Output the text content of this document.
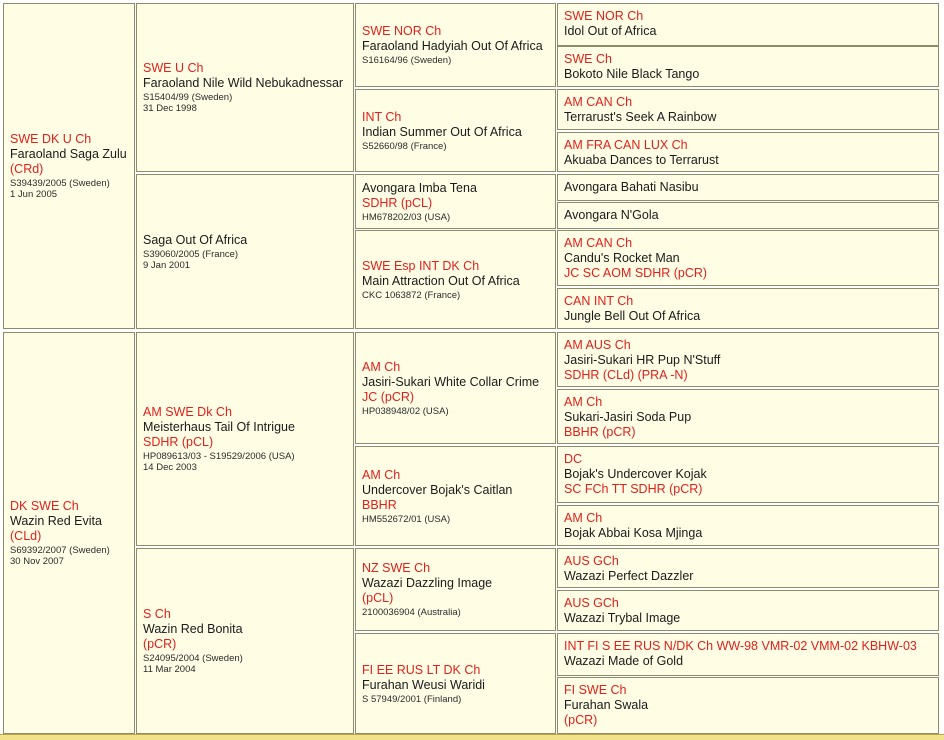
SWE DK U Ch
Faraoland Saga Zulu
(CRd)
S39439/2005 (Sweden)
1 Jun 2005
DK SWE Ch
Wazin Red Evita
(CLd)
S69392/2007 (Sweden)
30 Nov 2007
SWE U Ch
Faraoland Nile Wild Nebukadnessar
S15404/99 (Sweden)
31 Dec 1998
Saga Out Of Africa
S39060/2005 (France)
9 Jan 2001
AM SWE Dk Ch
Meisterhaus Tail Of Intrigue
SDHR (pCL)
HP089613/03 - S19529/2006 (USA)
14 Dec 2003
S Ch
Wazin Red Bonita
(pCR)
S24095/2004 (Sweden)
11 Mar 2004
SWE NOR Ch
Faraoland Hadyiah Out Of Africa
S16164/96 (Sweden)
INT Ch
Indian Summer Out Of Africa
S52660/98 (France)
Avongara Imba Tena
SDHR (pCL)
HM678202/03 (USA)
SWE Esp INT DK Ch
Main Attraction Out Of Africa
CKC 1063872 (France)
AM Ch
Jasiri-Sukari White Collar Crime
JC (pCR)
HP038948/02 (USA)
AM Ch
Undercover Bojak's Caitlan
BBHR
HM552672/01 (USA)
NZ SWE Ch
Wazazi Dazzling Image
(pCL)
2100036904 (Australia)
FI EE RUS LT DK Ch
Furahan Weusi Waridi
S 57949/2001 (Finland)
SWE NOR Ch
Idol Out of Africa
SWE Ch
Bokoto Nile Black Tango
AM CAN Ch
Terrarust's Seek A Rainbow
AM FRA CAN LUX Ch
Akuaba Dances to Terrarust
Avongara Bahati Nasibu
Avongara N'Gola
AM CAN Ch
Candu's Rocket Man
JC SC AOM SDHR (pCR)
CAN INT Ch
Jungle Bell Out Of Africa
AM AUS Ch
Jasiri-Sukari HR Pup N'Stuff
SDHR (CLd) (PRA -N)
AM Ch
Sukari-Jasiri Soda Pup
BBHR (pCR)
DC
Bojak's Undercover Kojak
SC FCh TT SDHR (pCR)
AM Ch
Bojak Abbai Kosa Mjinga
AUS GCh
Wazazi Perfect Dazzler
AUS GCh
Wazazi Trybal Image
INT FI S EE RUS N/DK Ch WW-98 VMR-02 VMM-02 KBHW-03
Wazazi Made of Gold
FI SWE Ch
Furahan Swala
(pCR)
